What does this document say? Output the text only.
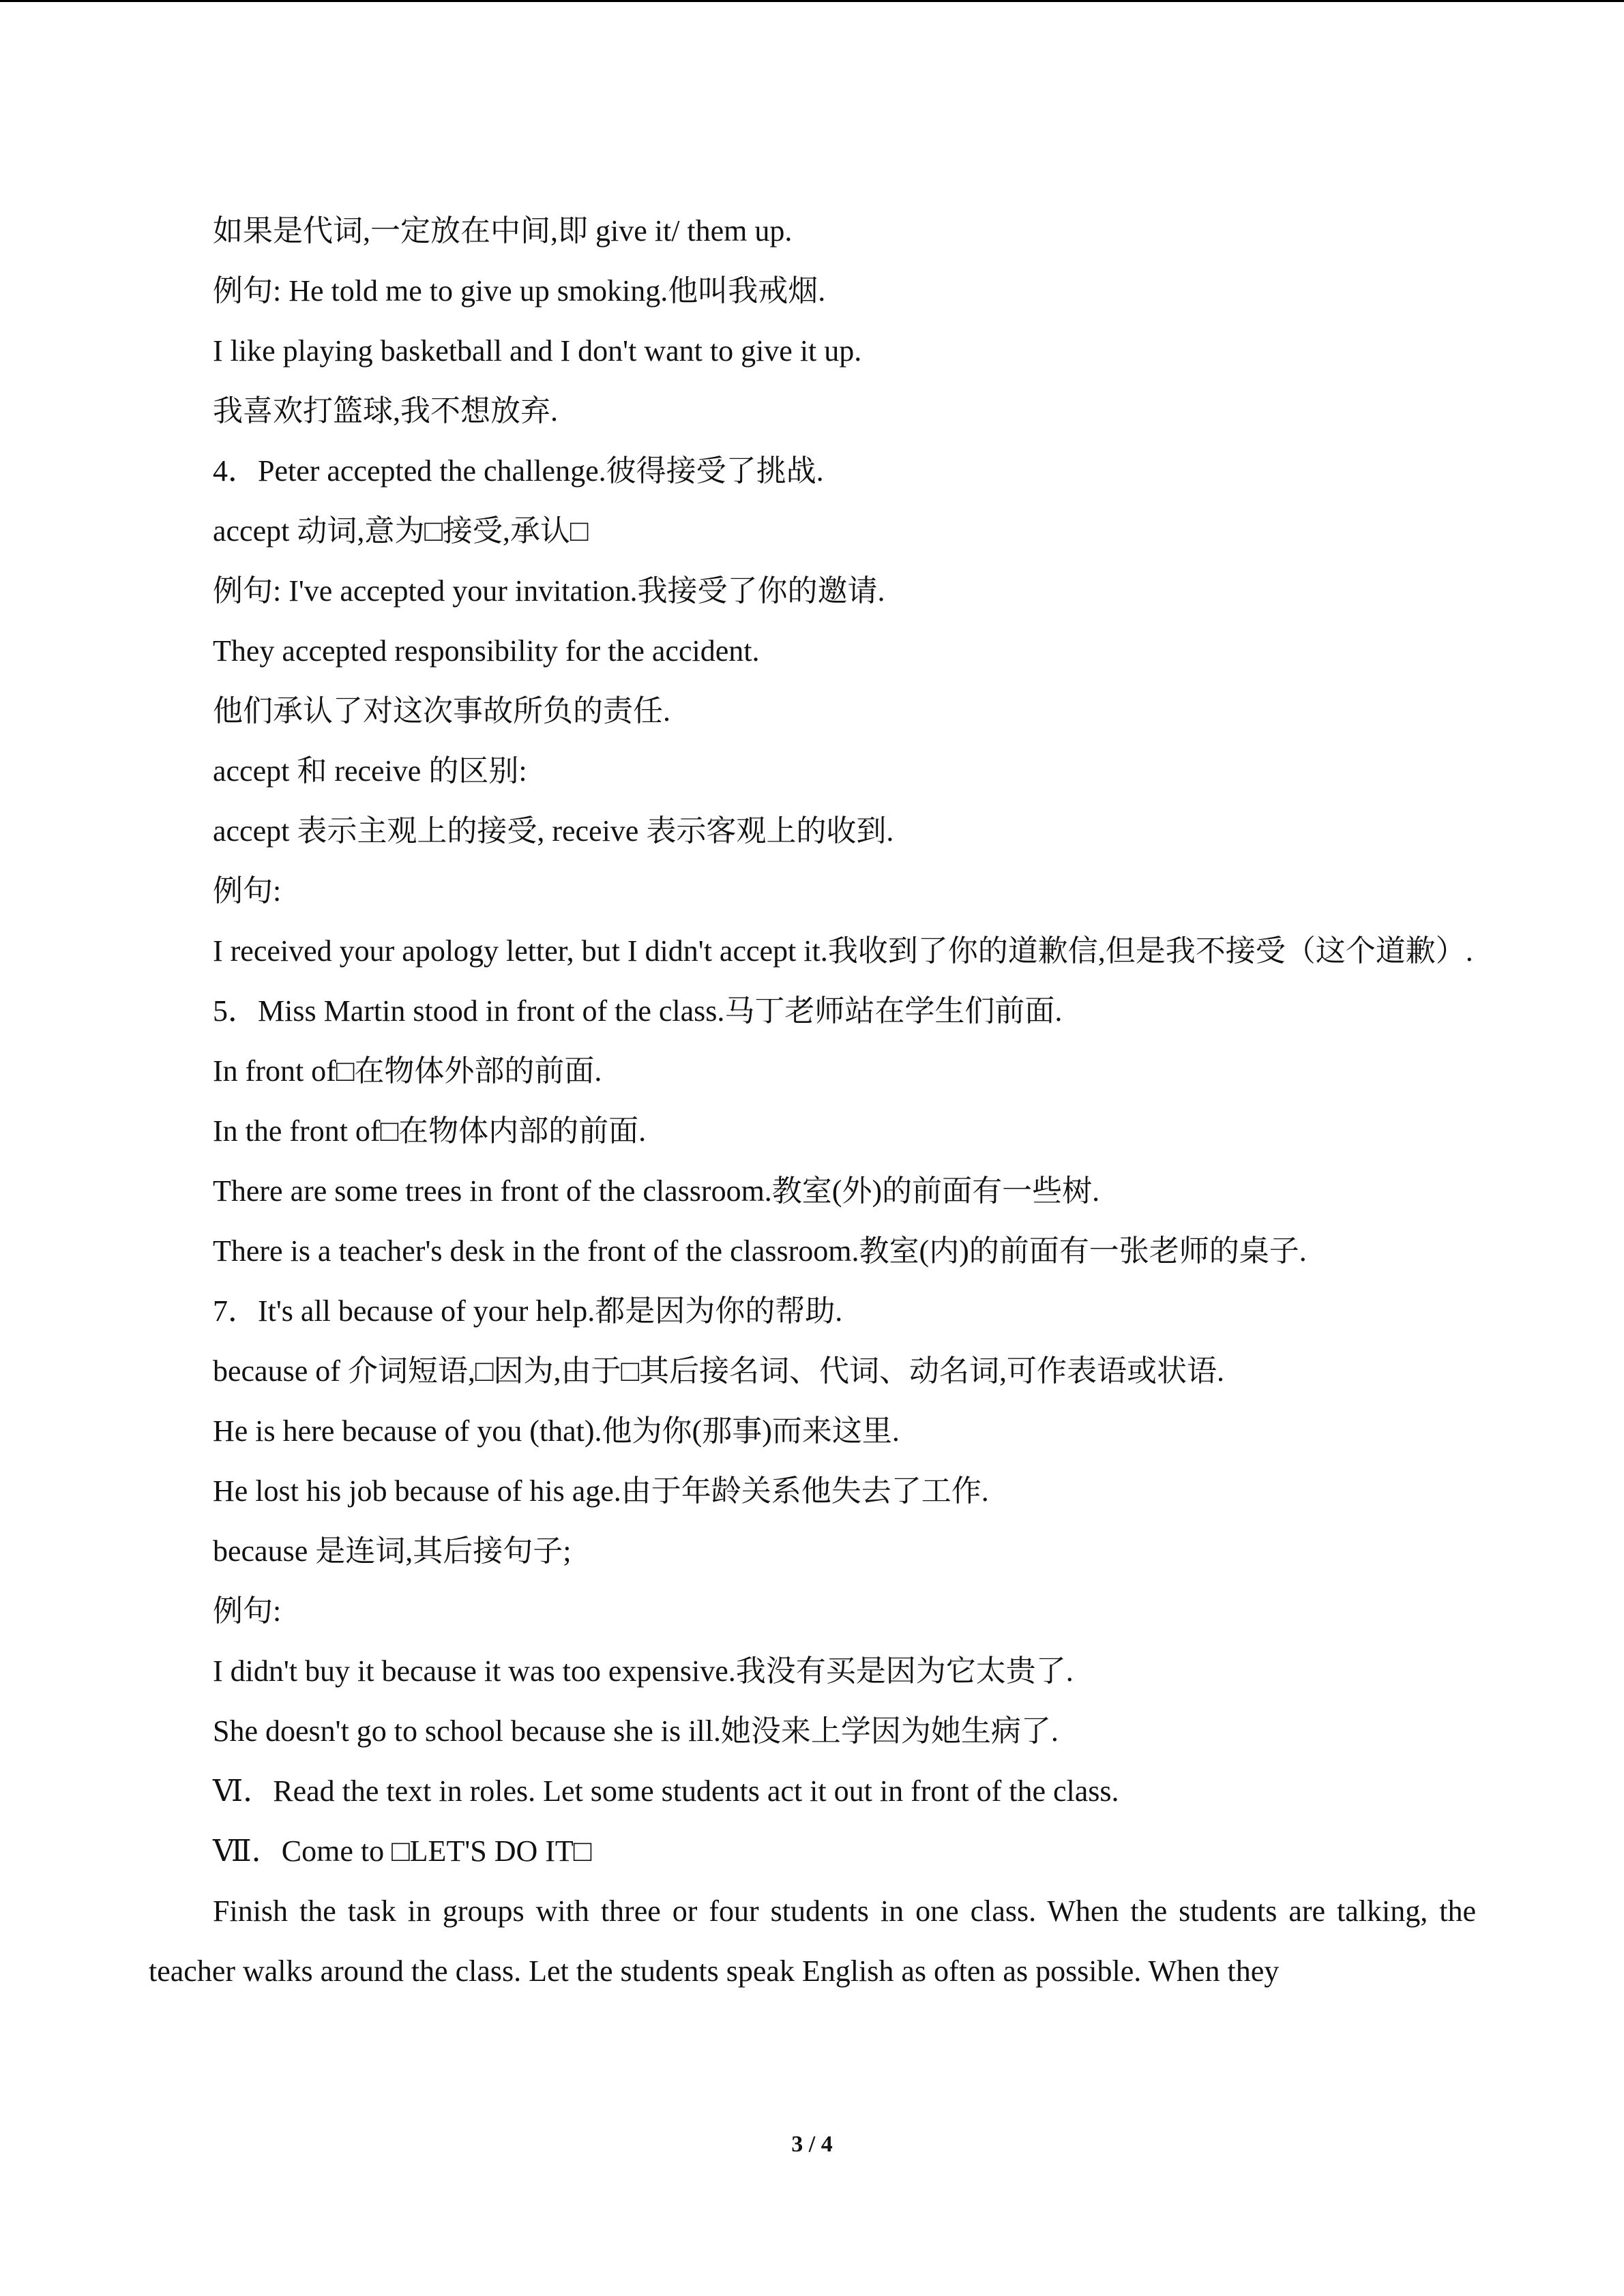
如果是代词,一定放在中间,即 give it/ them up.
例句: He told me to give up smoking.他叫我戒烟.
I like playing basketball and I don't want to give it up.
我喜欢打篮球,我不想放弃.
4．Peter accepted the challenge.彼得接受了挑战.
accept 动词,意为□接受,承认□
例句: I've accepted your invitation.我接受了你的邀请.
They accepted responsibility for the accident.
他们承认了对这次事故所负的责任.
accept 和 receive 的区别:
accept 表示主观上的接受, receive 表示客观上的收到.
例句:
I received your apology letter, but I didn't accept it.我收到了你的道歉信,但是我不接受（这个道歉）.
5．Miss Martin stood in front of the class.马丁老师站在学生们前面.
In front of□在物体外部的前面.
In the front of□在物体内部的前面.
There are some trees in front of the classroom.教室(外)的前面有一些树.
There is a teacher's desk in the front of the classroom.教室(内)的前面有一张老师的桌子.
7．It's all because of your help.都是因为你的帮助.
because of 介词短语,□因为,由于□其后接名词、代词、动名词,可作表语或状语.
He is here because of you (that).他为你(那事)而来这里.
He lost his job because of his age.由于年龄关系他失去了工作.
because 是连词,其后接句子;
例句:
I didn't buy it because it was too expensive.我没有买是因为它太贵了.
She doesn't go to school because she is ill.她没来上学因为她生病了.
Ⅵ．Read the text in roles. Let some students act it out in front of the class.
Ⅶ．Come to □LET'S DO IT□
Finish the task in groups with three or four students in one class. When the students are talking, the teacher walks around the class. Let the students speak English as often as possible. When they
3 / 4
